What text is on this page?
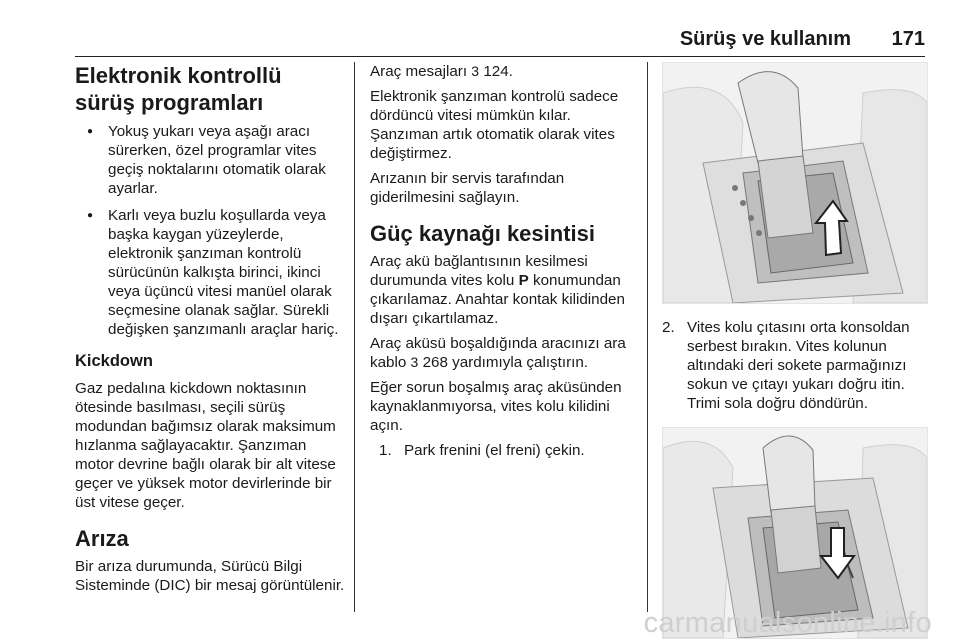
Sürüş ve kullanım 171
Elektronik kontrollü sürüş programları
● Yokuş yukarı veya aşağı aracı sürerken, özel programlar vites geçiş noktalarını otomatik olarak ayarlar.
● Karlı veya buzlu koşullarda veya başka kaygan yüzeylerde, elektronik şanzıman kontrolü sürücünün kalkışta birinci, ikinci veya üçüncü vitesi manüel olarak seçmesine olanak sağlar. Sürekli değişken şanzımanlı araçlar hariç.
Kickdown

Gaz pedalına kickdown noktasının ötesinde basılması, seçili sürüş modundan bağımsız olarak maksimum hızlanma sağlayacaktır. Şanzıman motor devrine bağlı olarak bir alt vitese geçer ve yüksek motor devirlerinde bir üst vitese geçer.

Arıza

Bir arıza durumunda, Sürücü Bilgi Sisteminde (DIC) bir mesaj görüntülenir.

Araç mesajları 3 124.

Elektronik şanzıman kontrolü sadece dördüncü vitesi mümkün kılar. Şanzıman artık otomatik olarak vites değiştirmez.

Arızanın bir servis tarafından giderilmesini sağlayın.

Güç kaynağı kesintisi

Araç akü bağlantısının kesilmesi durumunda vites kolu P konumundan çıkarılamaz. Anahtar kontak kilidinden dışarı çıkartılamaz.

Araç aküsü boşaldığında aracınızı ara kablo 3 268 yardımıyla çalıştırın.

Eğer sorun boşalmış araç aküsünden kaynaklanmıyorsa, vites kolu kilidini açın.

1. Park frenini (el freni) çekin.
2. Vites kolu çıtasını orta konsoldan serbest bırakın. Vites kolunun altındaki deri sokete parmağınızı sokun ve çıtayı yukarı doğru itin. Trimi sola doğru döndürün.
carmanualsonline.info
